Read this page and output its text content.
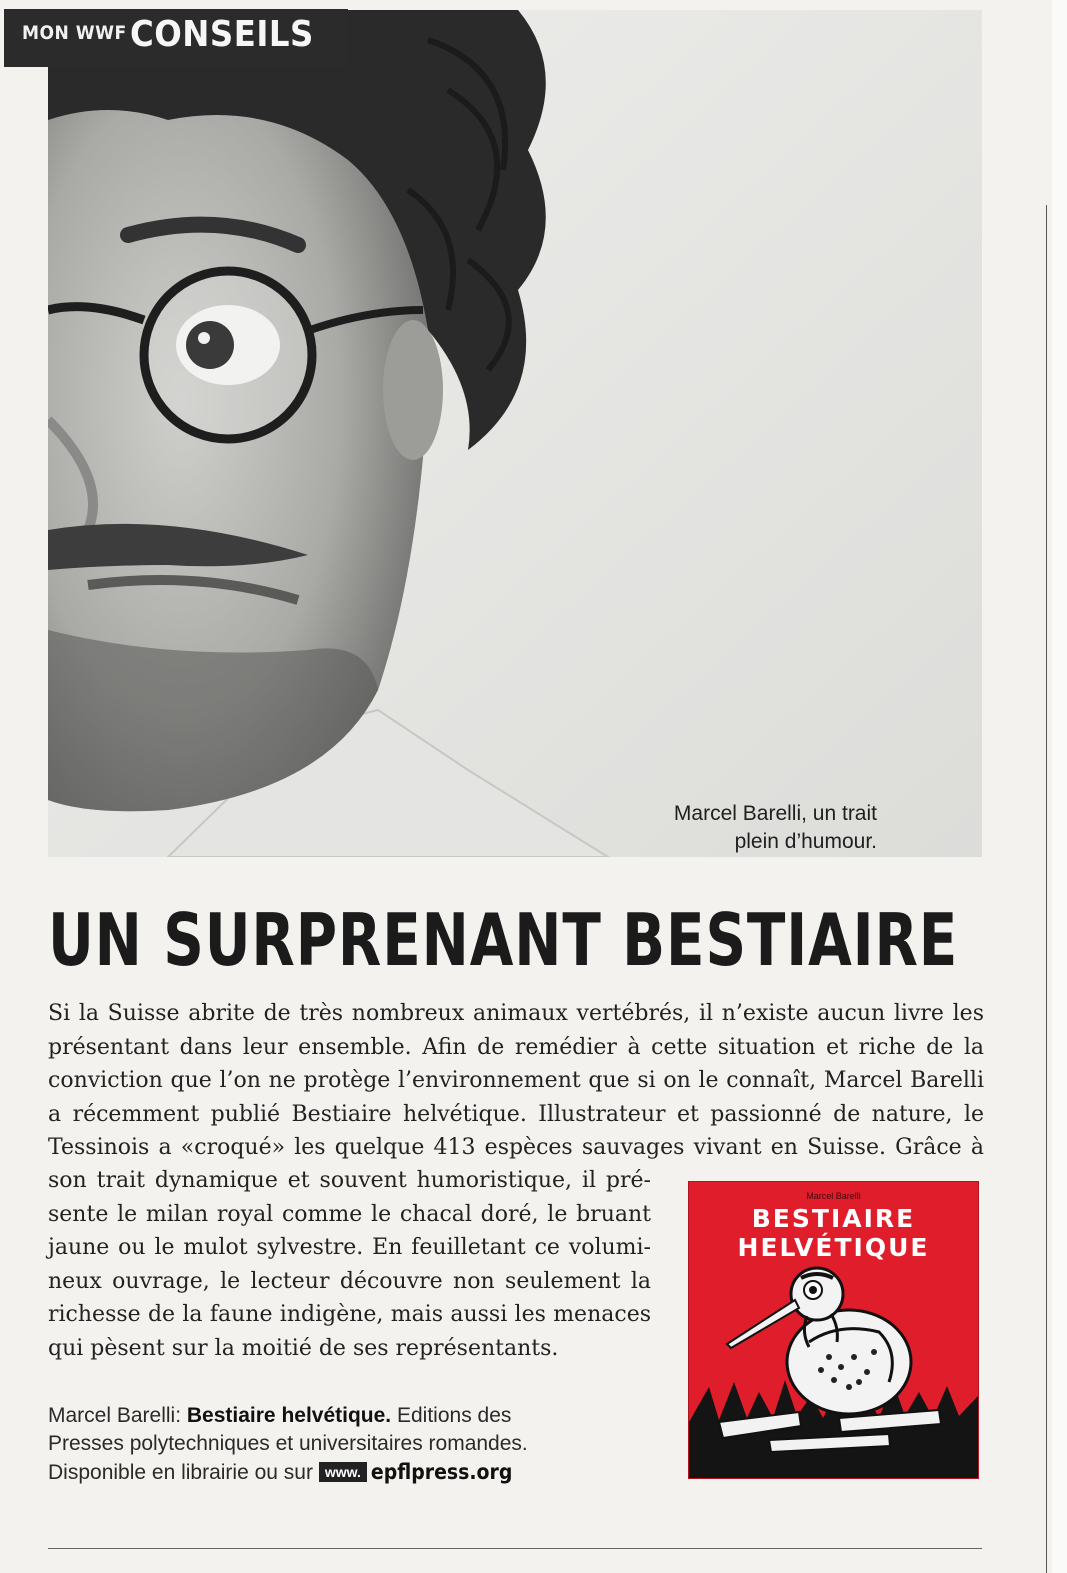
Marcel Barelli, un trait
plein d’humour.
MON WWF CONSEILS
UN SURPRENANT BESTIAIRE
Si la Suisse abrite de très nombreux animaux vertébrés, il n’existe aucun livre les
présentant dans leur ensemble. Afin de remédier à cette situation et riche de la
conviction que l’on ne protège l’environnement que si on le connaît, Marcel Barelli
a récemment publié Bestiaire helvétique. Illustrateur et passionné de nature, le
Tessinois a «croqué» les quelque 413 espèces sauvages vivant en Suisse. Grâce à
son trait dynamique et souvent humoristique, il pré-
sente le milan royal comme le chacal doré, le bruant
jaune ou le mulot sylvestre. En feuilletant ce volumi-
neux ouvrage, le lecteur découvre non seulement la
richesse de la faune indigène, mais aussi les menaces
qui pèsent sur la moitié de ses représentants.
Marcel Barelli: Bestiaire helvétique. Editions des
Presses polytechniques et universitaires romandes.
Disponible en librairie ou sur www. epflpress.org
Marcel Barelli
BESTIAIRE
HELVÉTIQUE
